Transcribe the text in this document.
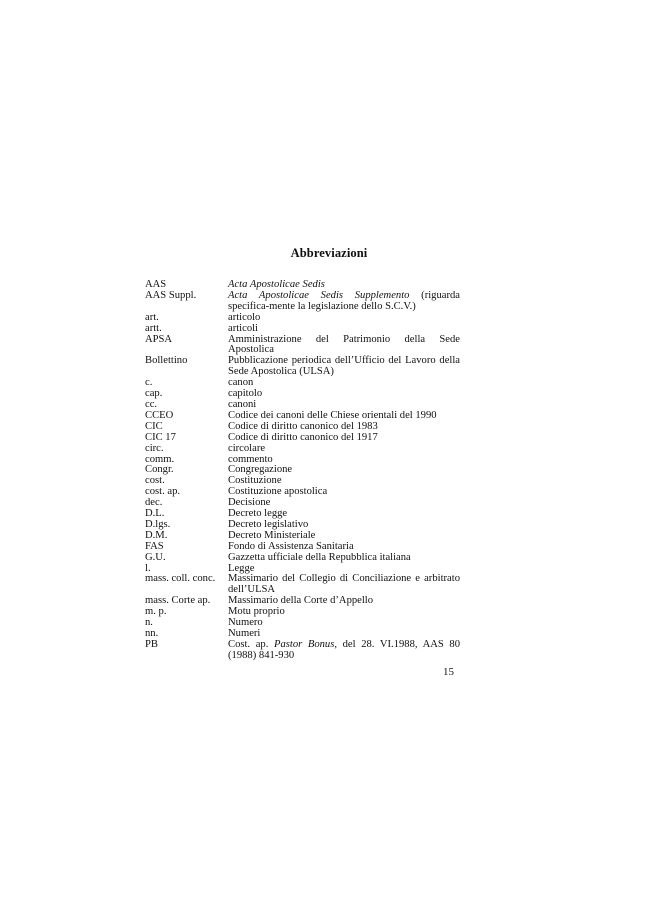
Abbreviazioni
AAS	Acta Apostolicae Sedis
AAS Suppl.	Acta Apostolicae Sedis Supplemento (riguarda specifica-mente la legislazione dello S.C.V.)
art.	articolo
artt.	articoli
APSA	Amministrazione del Patrimonio della Sede Apostolica
Bollettino	Pubblicazione periodica dell’Ufficio del Lavoro della Sede Apostolica (ULSA)
c.	canon
cap.	capitolo
cc.	canoni
CCEO	Codice dei canoni delle Chiese orientali del 1990
CIC	Codice di diritto canonico del 1983
CIC 17	Codice di diritto canonico del 1917
circ.	circolare
comm.	commento
Congr.	Congregazione
cost.	Costituzione
cost. ap.	Costituzione apostolica
dec.	Decisione
D.L.	Decreto legge
D.lgs.	Decreto legislativo
D.M.	Decreto Ministeriale
FAS	Fondo di Assistenza Sanitaria
G.U.	Gazzetta ufficiale della Repubblica italiana
l.	Legge
mass. coll. conc.	Massimario del Collegio di Conciliazione e arbitrato dell’ULSA
mass. Corte ap.	Massimario della Corte d’Appello
m. p.	Motu proprio
n.	Numero
nn.	Numeri
PB	Cost. ap. Pastor Bonus, del 28. VI.1988, AAS 80 (1988) 841-930
15
